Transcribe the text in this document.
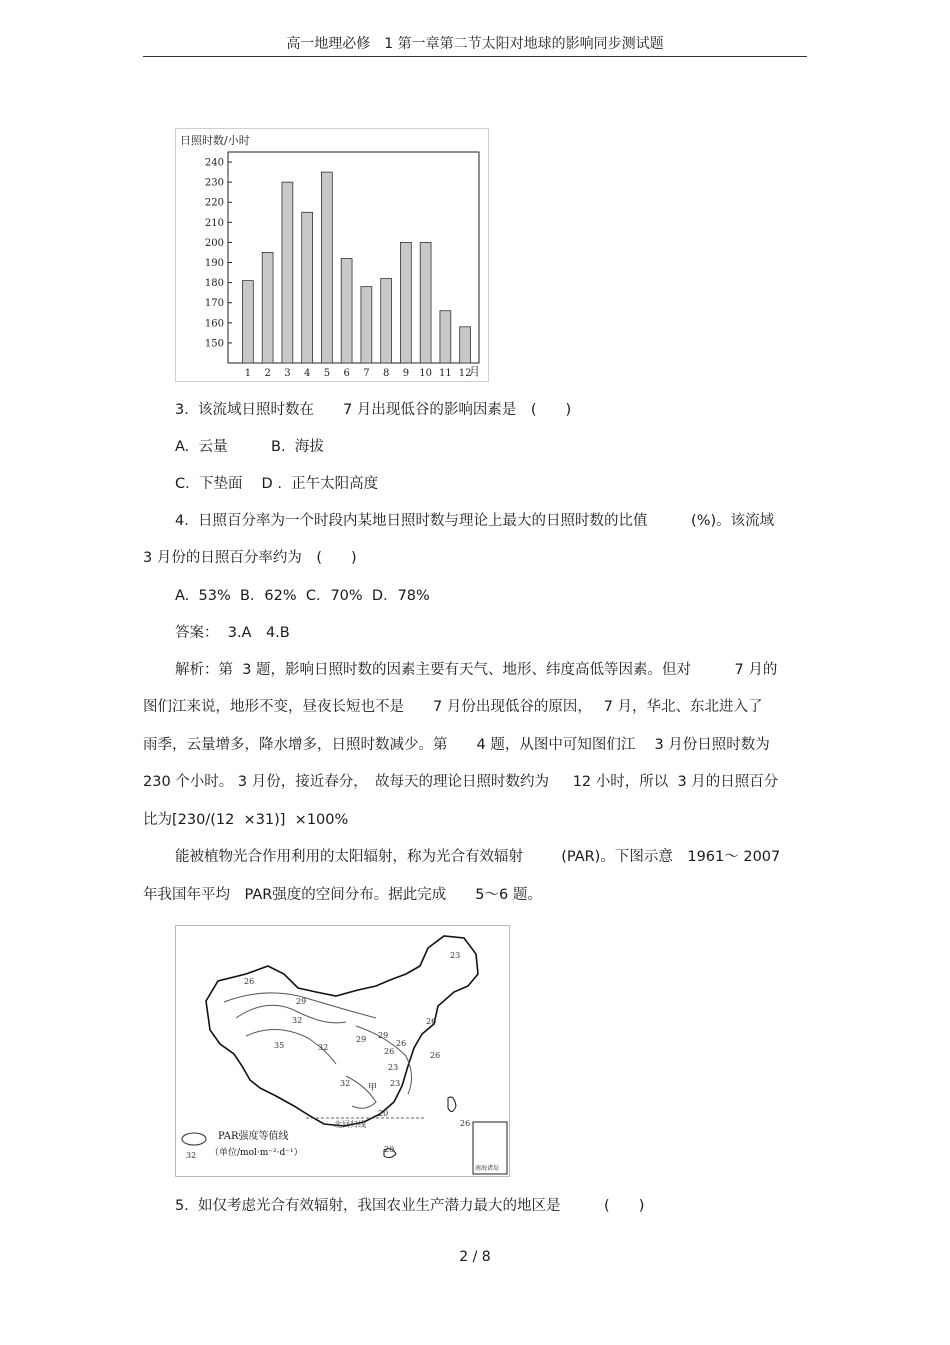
高一地理必修　1 第一章第二节太阳对地球的影响同步测试题
日照时数/小时
150
160
170
180
190
200
210
220
230
240
1 2 3 4 5 6 7 8 9 10 11 12
月
3.  该流域日照时数在　　7 月出现低谷的影响因素是　(　　)
A.  云量　　　B.  海拔
C.  下垫面　 D .  正午太阳高度
4.  日照百分率为一个时段内某地日照时数与理论上最大的日照时数的比值　　　(%)。该流域
3 月份的日照百分率约为　(　　)
A.  53%  B．62%  C．70%  D．78%
答案：  3.A　4.B
解析：第  3 题，影响日照时数的因素主要有天气、地形、纬度高低等因素。但对　　　7 月的
图们江来说，地形不变，昼夜长短也不是　　7 月份出现低谷的原因，　 7 月，华北、东北进入了
雨季，云量增多，降水增多，日照时数减少。第　　4 题，从图中可知图们江　 3 月份日照时数为
230 个小时。 3 月份，接近春分，　故每天的理论日照时数约为　  12 小时，所以  3 月的日照百分
比为[230/(12  ×31)]  ×100%
能被植物光合作用利用的太阳辐射，称为光合有效辐射　　  (PAR)。下图示意　1961～ 2007
年我国年平均　PAR强度的空间分布。据此完成　　5～6 题。
23
26
29
32
35	32
29
26
26
23
26
29
32
20
26
26
23
20
甲
北回归线
32
PAR强度等值线
（单位/mol·m⁻²·d⁻¹）
南海诸岛
5.  如仅考虑光合有效辐射，我国农业生产潜力最大的地区是　　　(　　)
2 / 8
